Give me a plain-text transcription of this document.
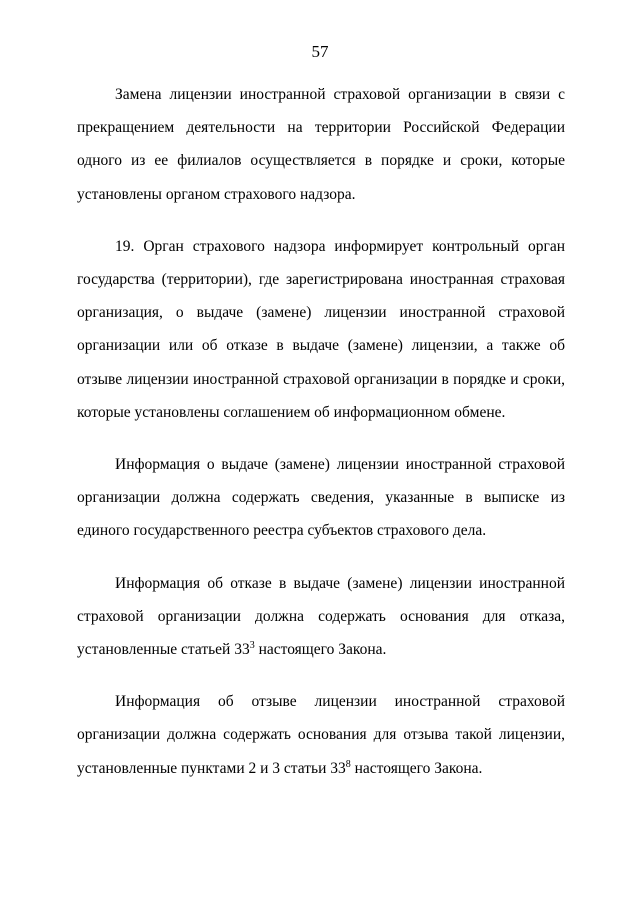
57

Замена лицензии иностранной страховой организации в связи с прекращением деятельности на территории Российской Федерации одного из ее филиалов осуществляется в порядке и сроки, которые установлены органом страхового надзора.

19. Орган страхового надзора информирует контрольный орган государства (территории), где зарегистрирована иностранная страховая организация, о выдаче (замене) лицензии иностранной страховой организации или об отказе в выдаче (замене) лицензии, а также об отзыве лицензии иностранной страховой организации в порядке и сроки, которые установлены соглашением об информационном обмене.

Информация о выдаче (замене) лицензии иностранной страховой организации должна содержать сведения, указанные в выписке из единого государственного реестра субъектов страхового дела.

Информация об отказе в выдаче (замене) лицензии иностранной страховой организации должна содержать основания для отказа, установленные статьей $33^3$ настоящего Закона.

Информация об отзыве лицензии иностранной страховой организации должна содержать основания для отзыва такой лицензии, установленные пунктами 2 и 3 статьи $33^8$ настоящего Закона.
